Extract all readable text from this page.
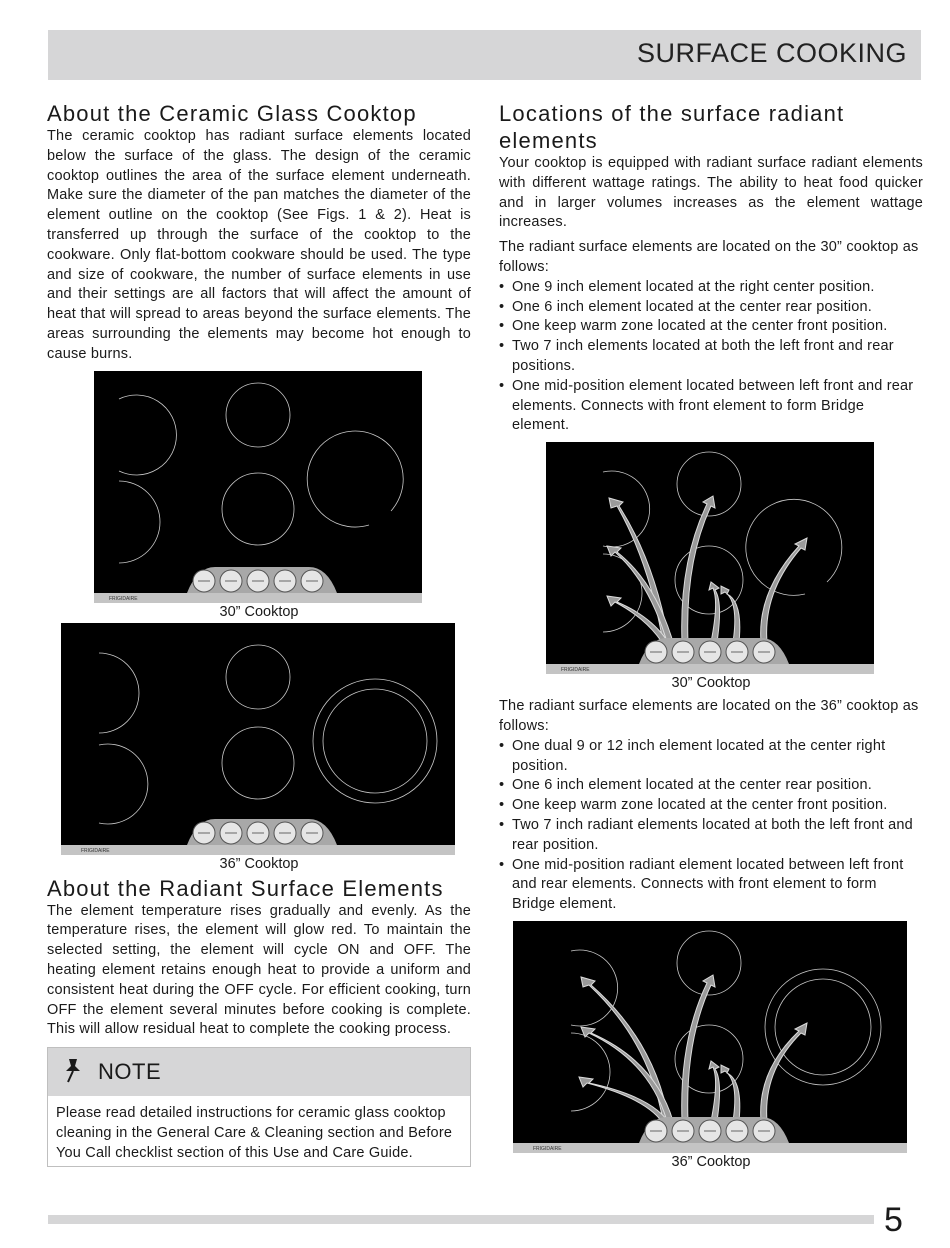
SURFACE COOKING
About the Ceramic Glass Cooktop

The ceramic cooktop has radiant surface elements located below the surface of the glass. The design of the ceramic cooktop outlines the area of the surface element underneath. Make sure the diameter of the pan matches the diameter of the element outline on the cooktop (See Figs. 1 & 2). Heat is transferred up through the surface of the cooktop to the cookware. Only flat-bottom cookware should be used. The type and size of cookware, the number of surface elements in use and their settings are all factors that will affect the amount of heat that will spread to areas beyond the surface elements. The areas surrounding the elements may become hot enough to cause burns.

FRIGIDAIRE
30” Cooktop
FRIGIDAIRE
36” Cooktop
About the Radiant Surface Elements

The element temperature rises gradually and evenly. As the temperature rises, the element will glow red. To maintain the selected setting, the element will cycle ON and OFF. The heating element retains enough heat to provide a uniform and consistent heat during the OFF cycle. For efficient cooking, turn OFF the element several minutes before cooking is complete. This will allow residual heat to complete the cooking process.

NOTE
Please read detailed instructions for ceramic glass cooktop cleaning in the General Care & Cleaning section and Before You Call checklist section of this Use and Care Guide.
Locations of the surface radiant elements

Your cooktop is equipped with radiant surface radiant elements with different wattage ratings. The ability to heat food quicker and in larger volumes increases as the element wattage increases.

The radiant surface elements are located on the 30” cooktop as follows:

• One 9 inch element located at the right center position.
• One 6 inch element located at the center rear position.
• One keep warm zone located at the center front position.
• Two 7 inch elements located at both the left front and rear positions.
• One mid-position element located between left front and rear elements. Connects with front element to form Bridge element.
FRIGIDAIRE
30” Cooktop

The radiant surface elements are located on the 36” cooktop as follows:

• One dual 9 or 12 inch element located at the center right position.
• One 6 inch element located at the center rear position.
• One keep warm zone located at the center front position.
• Two 7 inch radiant elements located at both the left front and rear position.
• One mid-position radiant element located between left front and rear elements. Connects with front element to form Bridge element.
FRIGIDAIRE
36” Cooktop
5
